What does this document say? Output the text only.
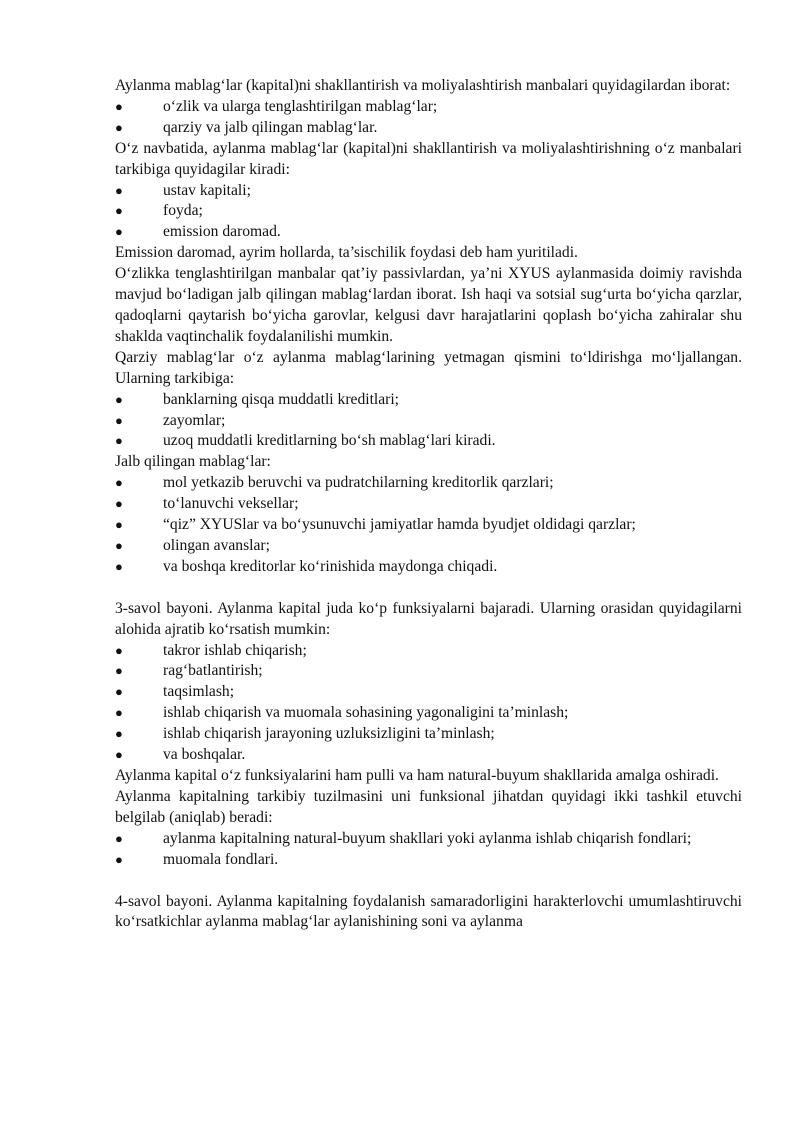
Aylanma mablag‘lar (kapital)ni shakllantirish va moliyalashtirish manbalari quyidagilardan iborat:

●	o‘zlik va ularga tenglashtirilgan mablag‘lar;
●	qarziy va jalb qilingan mablag‘lar.

O‘z navbatida, aylanma mablag‘lar (kapital)ni shakllantirish va moliyalashtirishning o‘z manbalari tarkibiga quyidagilar kiradi:

●	ustav kapitali;
●	foyda;
●	emission daromad.

Emission daromad, ayrim hollarda, ta’sischilik foydasi deb ham yuritiladi.

O‘zlikka tenglashtirilgan manbalar qat’iy passivlardan, ya’ni XYUS aylanmasida doimiy ravishda mavjud bo‘ladigan jalb qilingan mablag‘lardan iborat. Ish haqi va sotsial sug‘urta bo‘yicha qarzlar, qadoqlarni qaytarish bo‘yicha garovlar, kelgusi davr harajatlarini qoplash bo‘yicha zahiralar shu shaklda vaqtinchalik foydalanilishi mumkin.

Qarziy mablag‘lar o‘z aylanma mablag‘larining yetmagan qismini to‘ldirishga mo‘ljallangan. Ularning tarkibiga:

●	banklarning qisqa muddatli kreditlari;
●	zayomlar;
●	uzoq muddatli kreditlarning bo‘sh mablag‘lari kiradi.

Jalb qilingan mablag‘lar:

●	mol yetkazib beruvchi va pudratchilarning kreditorlik qarzlari;
●	to‘lanuvchi veksellar;
●	“qiz” XYUSlar va bo‘ysunuvchi jamiyatlar hamda byudjet oldidagi qarzlar;
●	olingan avanslar;
●	va boshqa kreditorlar ko‘rinishida maydonga chiqadi.

3-savol bayoni. Aylanma kapital juda ko‘p funksiyalarni bajaradi. Ularning orasidan quyidagilarni alohida ajratib ko‘rsatish mumkin:

●	takror ishlab chiqarish;
●	rag‘batlantirish;
●	taqsimlash;
●	ishlab chiqarish va muomala sohasining yagonaligini ta’minlash;
●	ishlab chiqarish jarayoning uzluksizligini ta’minlash;
●	va boshqalar.

Aylanma kapital o‘z funksiyalarini ham pulli va ham natural-buyum shakllarida amalga oshiradi.

Aylanma kapitalning tarkibiy tuzilmasini uni funksional jihatdan quyidagi ikki tashkil etuvchi belgilab (aniqlab) beradi:

●	aylanma kapitalning natural-buyum shakllari yoki aylanma ishlab chiqarish fondlari;
●	muomala fondlari.

4-savol bayoni. Aylanma kapitalning foydalanish samaradorligini harakterlovchi umumlashtiruvchi ko‘rsatkichlar aylanma mablag‘lar aylanishining soni va aylanma
